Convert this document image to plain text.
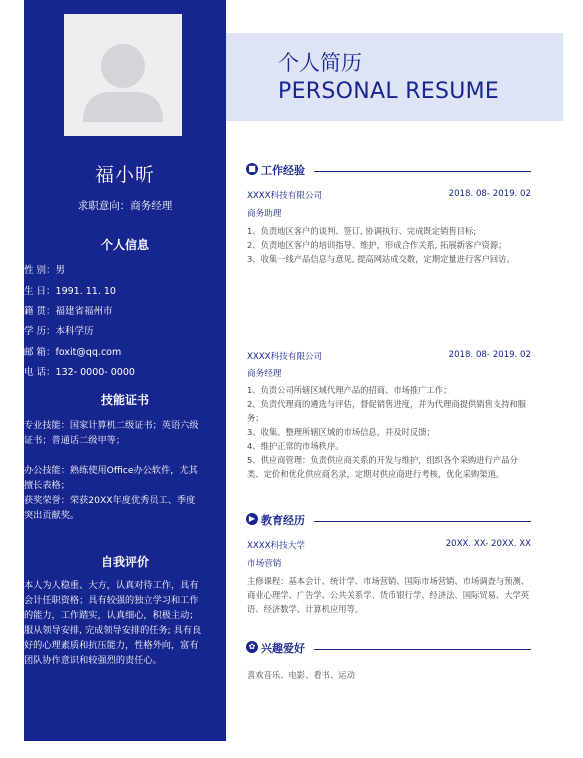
福小昕
求职意向：商务经理
个人信息
性 别：男
生 日：1991. 11. 10
籍 贯：福建省福州市
学 历：本科学历
邮 箱：foxit@qq.com
电 话：132- 0000- 0000
技能证书

专业技能：国家计算机二级证书；英语六级证书；普通话二级甲等；

办公技能：熟练使用Office办公软件，尤其擅长表格；

获奖荣誉：荣获20XX年度优秀员工、季度突出贡献奖。

自我评价

本人为人稳重、大方，认真对待工作，具有会计任职资格；具有较强的独立学习和工作的能力，工作踏实，认真细心，积极主动；服从领导安排, 完成领导安排的任务; 具有良好的心理素质和抗压能力，性格外向，富有团队协作意识和较强烈的责任心。

个人简历
PERSONAL RESUME
■ 工作经验
XXXX科技有限公司	2018. 08- 2019. 02
商务助理

1、负责地区客户的谈判、签订, 协调执行、完成既定销售目标;
2、负责地区客户的培训指导、维护，形成合作关系, 拓展新客户资源；
3、收集一线产品信息与意见, 提高网站成交数，定期定量进行客户回访。

XXXX科技有限公司	2018. 08- 2019. 02
商务经理

1、负责公司所辖区域代理产品的招商、市场推广工作；
2、负责代理商的遴选与评估，督促销售进度，并为代理商提供销售支持和服务；
3、收集、整理所辖区域的市场信息，并及时反馈；
4、维护正常的市场秩序。
5、供应商管理：负责供应商关系的开发与维护，组织各个采购进行产品分类、定价和优化供应商名录，定期对供应商进行考核，优化采购渠道。

▶ 教育经历
XXXX科技大学	20XX. XX- 20XX. XX
市场营销

主修课程：基本会计、统计学、市场营销、国际市场营销、市场调查与预测、商业心理学、广告学、公共关系学、货币银行学、经济法、国际贸易、大学英语、经济数学、计算机应用等。

✿ 兴趣爱好

喜欢音乐、电影、看书、运动
